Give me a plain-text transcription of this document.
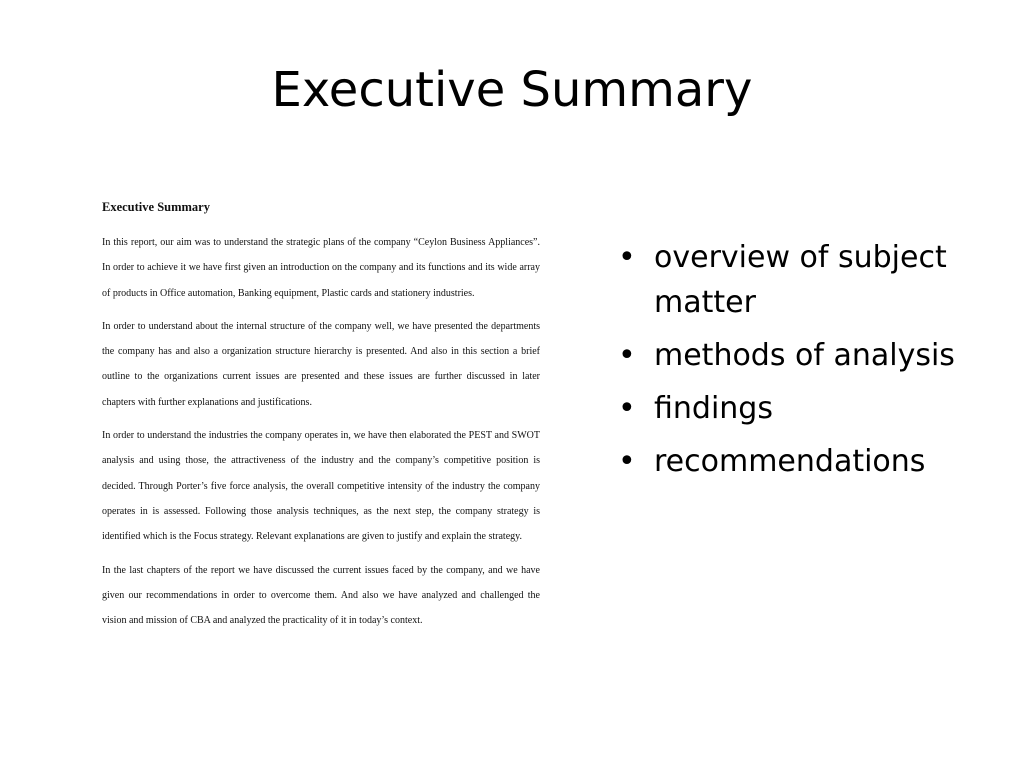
Executive Summary
Executive Summary

In this report, our aim was to understand the strategic plans of the company “Ceylon Business Appliances”. In order to achieve it we have first given an introduction on the company and its functions and its wide array of products in Office automation, Banking equipment, Plastic cards and stationery industries.

In order to understand about the internal structure of the company well, we have presented the departments the company has and also a organization structure hierarchy is presented. And also in this section a brief outline to the organizations current issues are presented and these issues are further discussed in later chapters with further explanations and justifications.

In order to understand the industries the company operates in, we have then elaborated the PEST and SWOT analysis and using those, the attractiveness of the industry and the company’s competitive position is decided. Through Porter’s five force analysis, the overall competitive intensity of the industry the company operates in is assessed. Following those analysis techniques, as the next step, the company strategy is identified which is the Focus strategy. Relevant explanations are given to justify and explain the strategy.

In the last chapters of the report we have discussed the current issues faced by the company, and we have given our recommendations in order to overcome them. And also we have analyzed and challenged the vision and mission of CBA and analyzed the practicality of it in today’s context.

• overview of subject matter
• methods of analysis
• findings
• recommendations
